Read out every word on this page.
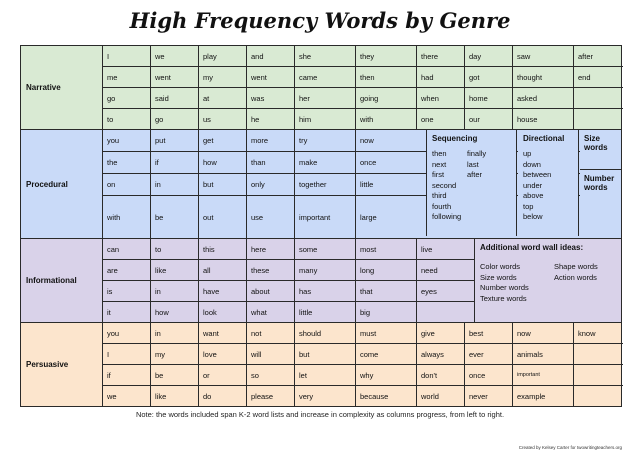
High Frequency Words by Genre
Narrative
I	we	play	and	she	they	there	day	saw	after
me	went	my	went	came	then	had	got	thought	end
go	said	at	was	her	going	when	home	asked
to	go	us	he	him	with	one	our	house
Procedural
you	put	get	more	try	now
the	if	how	than	make	once
on	in	but	only	together	little
with	be	out	use	important	large
Sequencing
then
next
first
second
third
fourth
following
finally
last
after
Directional
up
down
between
under
above
top
below
Size words
Number words
Informational
can	to	this	here	some	most	live
are	like	all	these	many	long	need
is	in	have	about	has	that	eyes
it	how	look	what	little	big
Additional word wall ideas:
Color words
Size words
Number words
Texture words
Shape words
Action words
Persuasive
you	in	want	not	should	must	give	best	now	know
I	my	love	will	but	come	always	ever	animals
if	be	or	so	let	why	don't	once	important
we	like	do	please	very	because	world	never	example
Note: the words included span K-2 word lists and increase in complexity as columns progress, from left to right.
Created by Kelsey Carter for twowritingteachers.org
